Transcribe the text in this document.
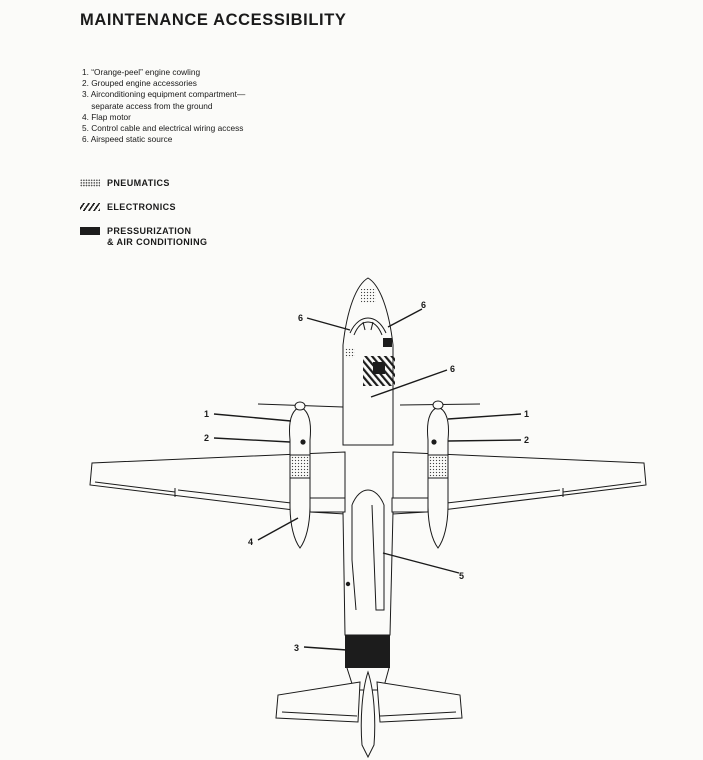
MAINTENANCE ACCESSIBILITY
1. “Orange-peel” engine cowling
2. Grouped engine accessories
3. Airconditioning equipment compartment—
separate access from the ground
4. Flap motor
5. Control cable and electrical wiring access
6. Airspeed static source
PNEUMATICS
ELECTRONICS
PRESSURIZATION
& AIR CONDITIONING
6
6
6
1	1
2	2
4
5
3
